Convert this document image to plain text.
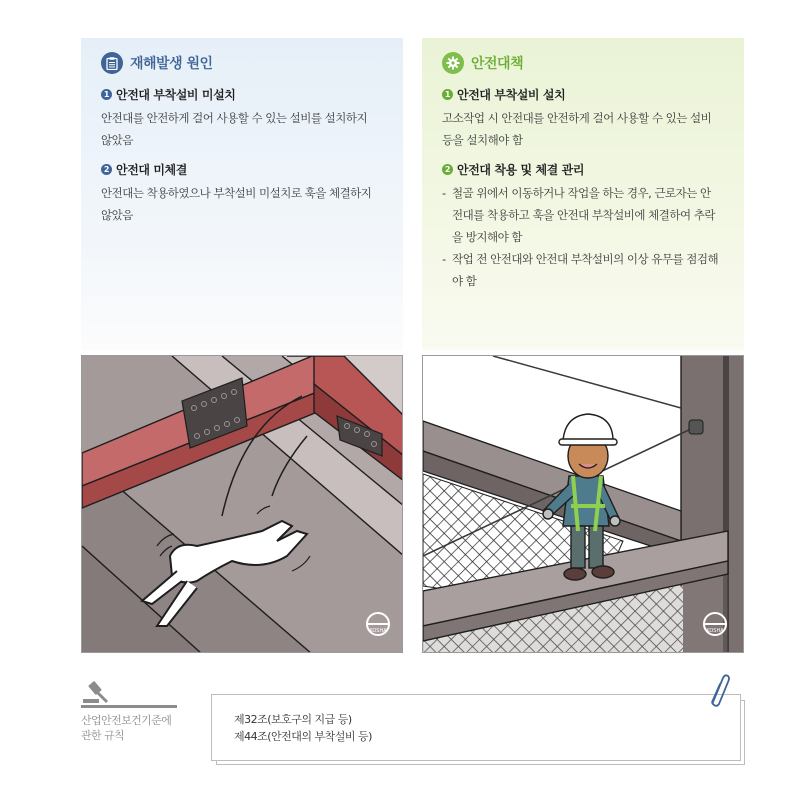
재해발생 원인
1 안전대 부착설비 미설치
안전대를 안전하게 걸어 사용할 수 있는 설비를 설치하지
않았음
2 안전대 미체결
안전대는 착용하였으나 부착설비 미설치로 훅을 체결하지
않았음
안전대책
1 안전대 부착설비 설치
고소작업 시 안전대를 안전하게 걸어 사용할 수 있는 설비
등을 설치해야 함
2 안전대 착용 및 체결 관리
- 철골 위에서 이동하거나 작업을 하는 경우, 근로자는 안
전대를 착용하고 훅을 안전대 부착설비에 체결하여 추락
을 방지해야 함
- 작업 전 안전대와 안전대 부착설비의 이상 유무를 점검해
야 함
KOSHA	KOSHA
산업안전보건기준에
관한 규칙
제32조(보호구의 지급 등)
제44조(안전대의 부착설비 등)
